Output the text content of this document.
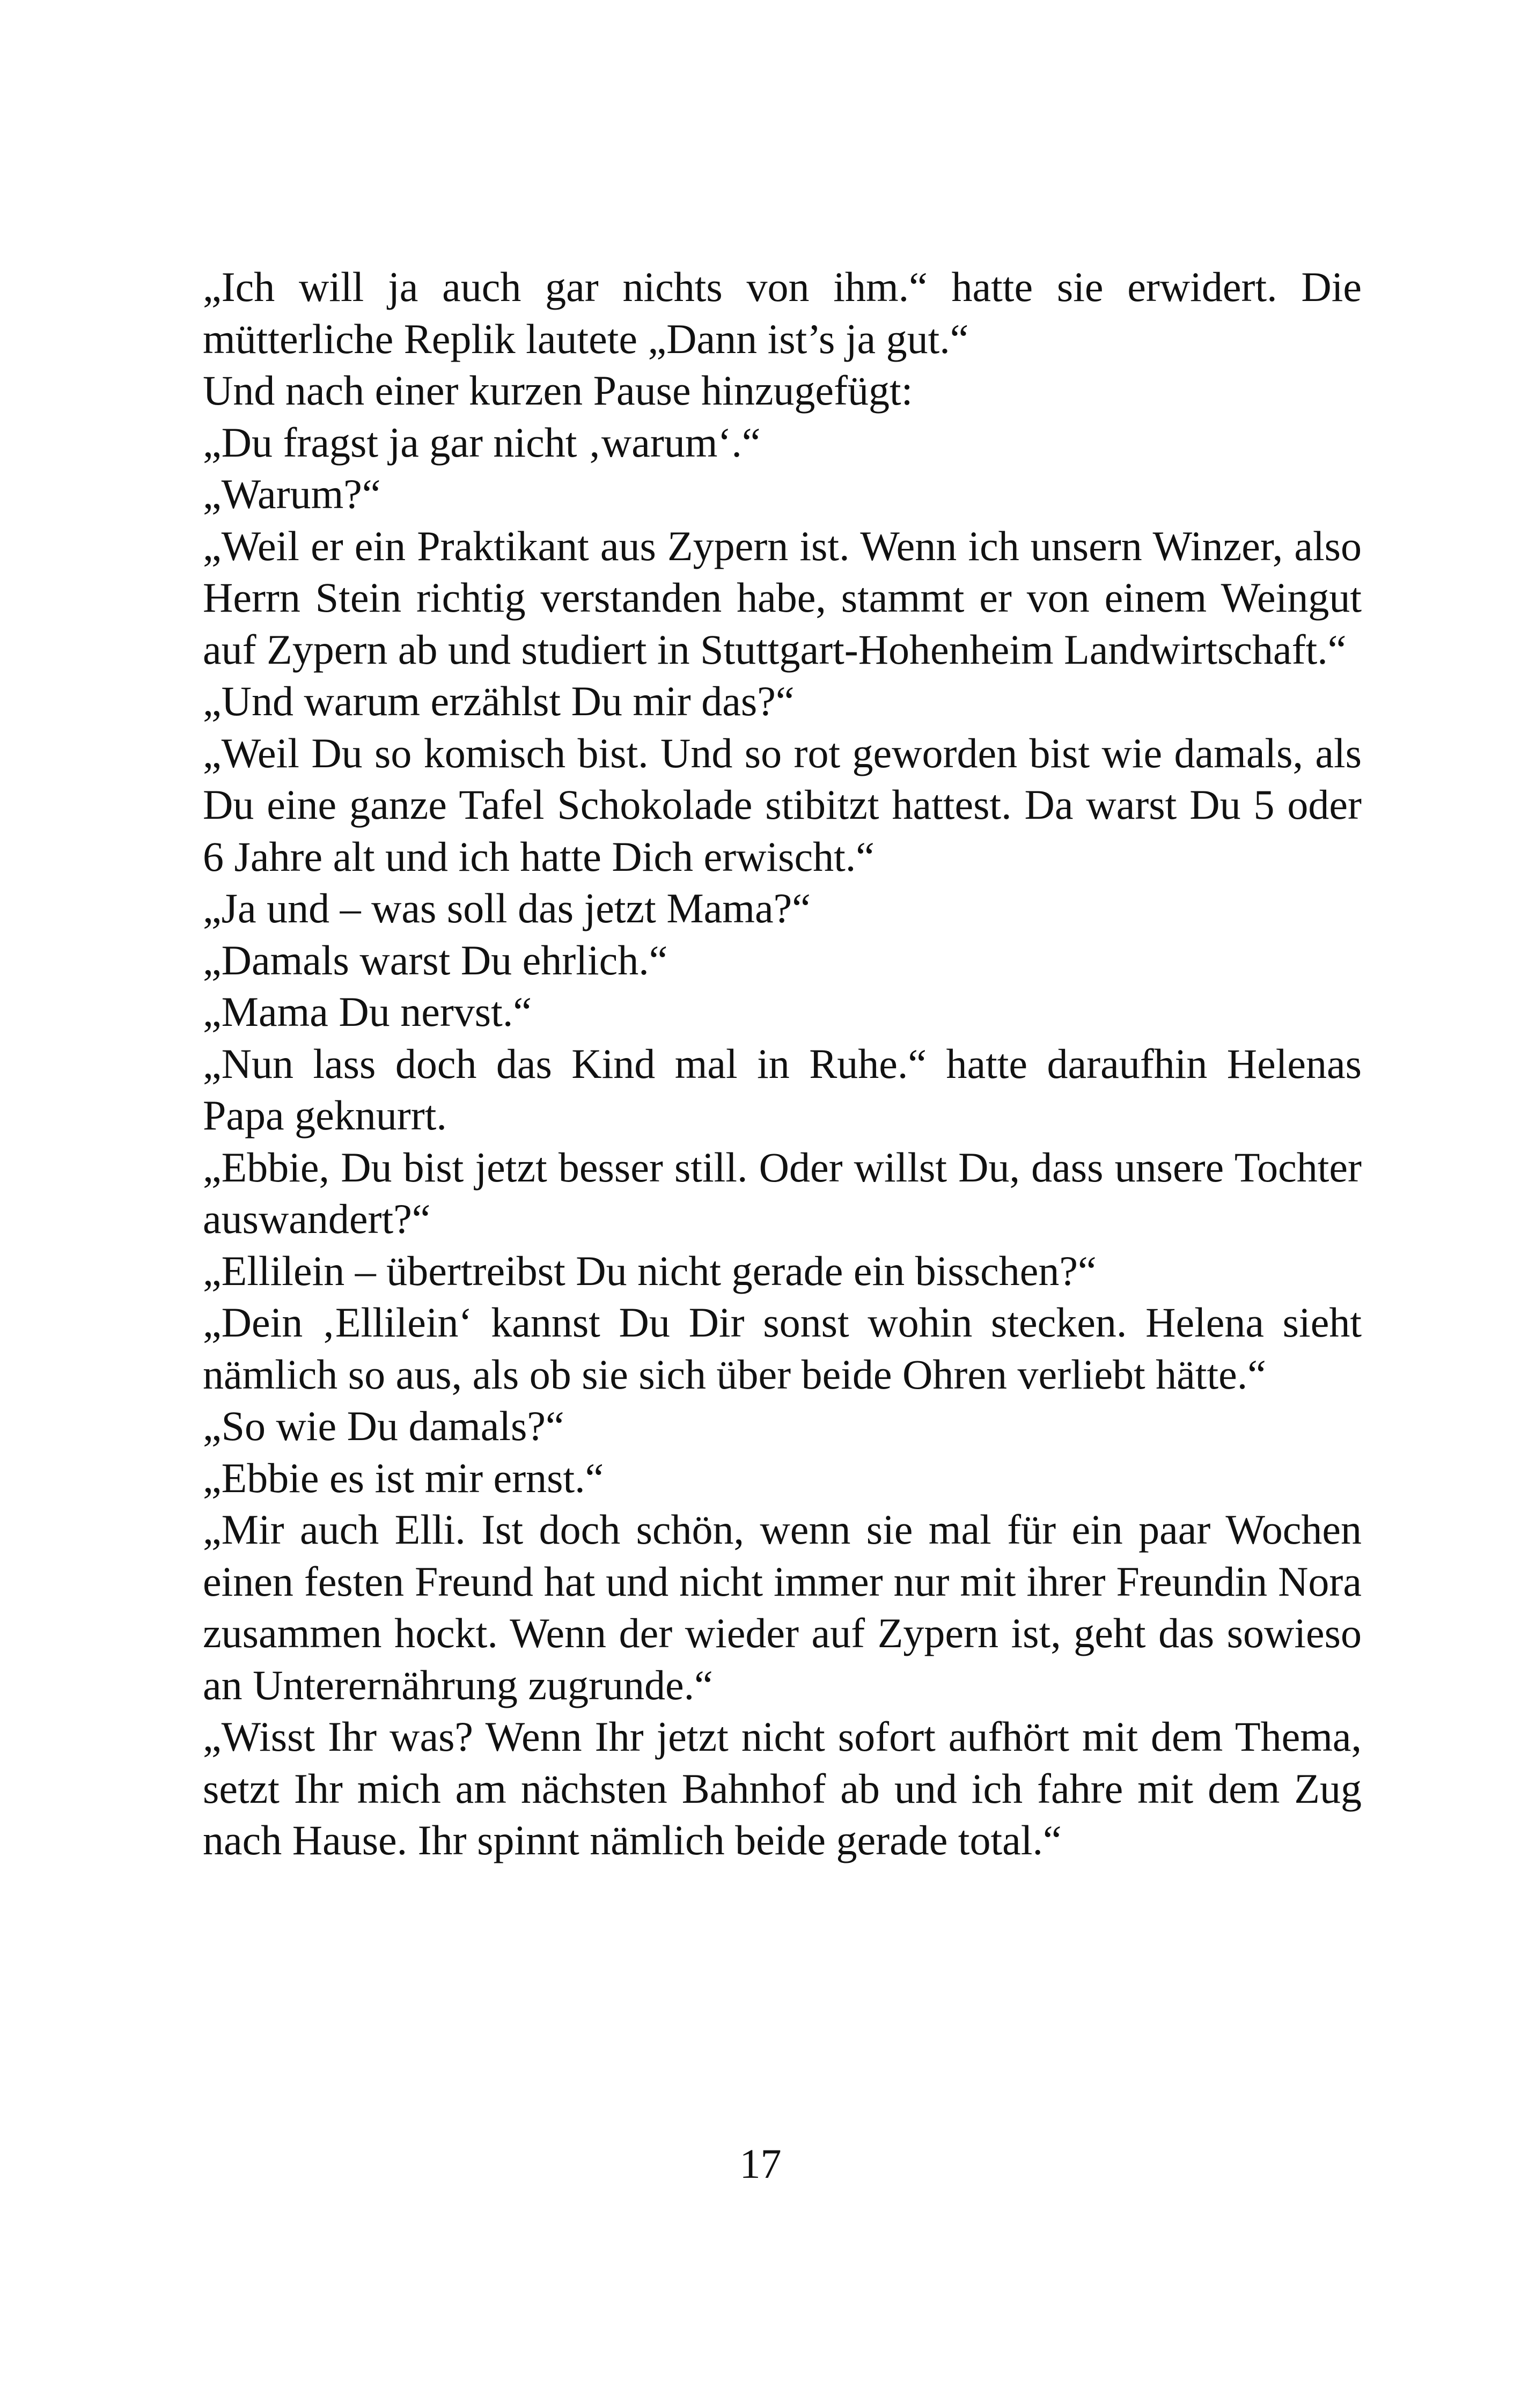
„Ich will ja auch gar nichts von ihm.“ hatte sie erwidert. Die mütterliche Replik lautete „Dann ist’s ja gut.“

Und nach einer kurzen Pause hinzugefügt:

„Du fragst ja gar nicht ‚warum‘.“

„Warum?“

„Weil er ein Praktikant aus Zypern ist. Wenn ich unsern Winzer, also Herrn Stein richtig verstanden habe, stammt er von einem Weingut auf Zypern ab und studiert in Stuttgart-Hohenheim Landwirtschaft.“

„Und warum erzählst Du mir das?“

„Weil Du so komisch bist. Und so rot geworden bist wie damals, als Du eine ganze Tafel Schokolade stibitzt hattest. Da warst Du 5 oder 6 Jahre alt und ich hatte Dich erwischt.“

„Ja und – was soll das jetzt Mama?“

„Damals warst Du ehrlich.“

„Mama Du nervst.“

„Nun lass doch das Kind mal in Ruhe.“ hatte daraufhin Helenas Papa geknurrt.

„Ebbie, Du bist jetzt besser still. Oder willst Du, dass unsere Tochter auswandert?“

„Ellilein – übertreibst Du nicht gerade ein bisschen?“

„Dein ‚Ellilein‘ kannst Du Dir sonst wohin stecken. Helena sieht nämlich so aus, als ob sie sich über beide Ohren verliebt hätte.“

„So wie Du damals?“

„Ebbie es ist mir ernst.“

„Mir auch Elli. Ist doch schön, wenn sie mal für ein paar Wochen einen festen Freund hat und nicht immer nur mit ihrer Freundin Nora zusammen hockt. Wenn der wieder auf Zypern ist, geht das sowieso an Unterernährung zugrunde.“

„Wisst Ihr was? Wenn Ihr jetzt nicht sofort aufhört mit dem Thema, setzt Ihr mich am nächsten Bahnhof ab und ich fahre mit dem Zug nach Hause. Ihr spinnt nämlich beide gerade total.“

17
